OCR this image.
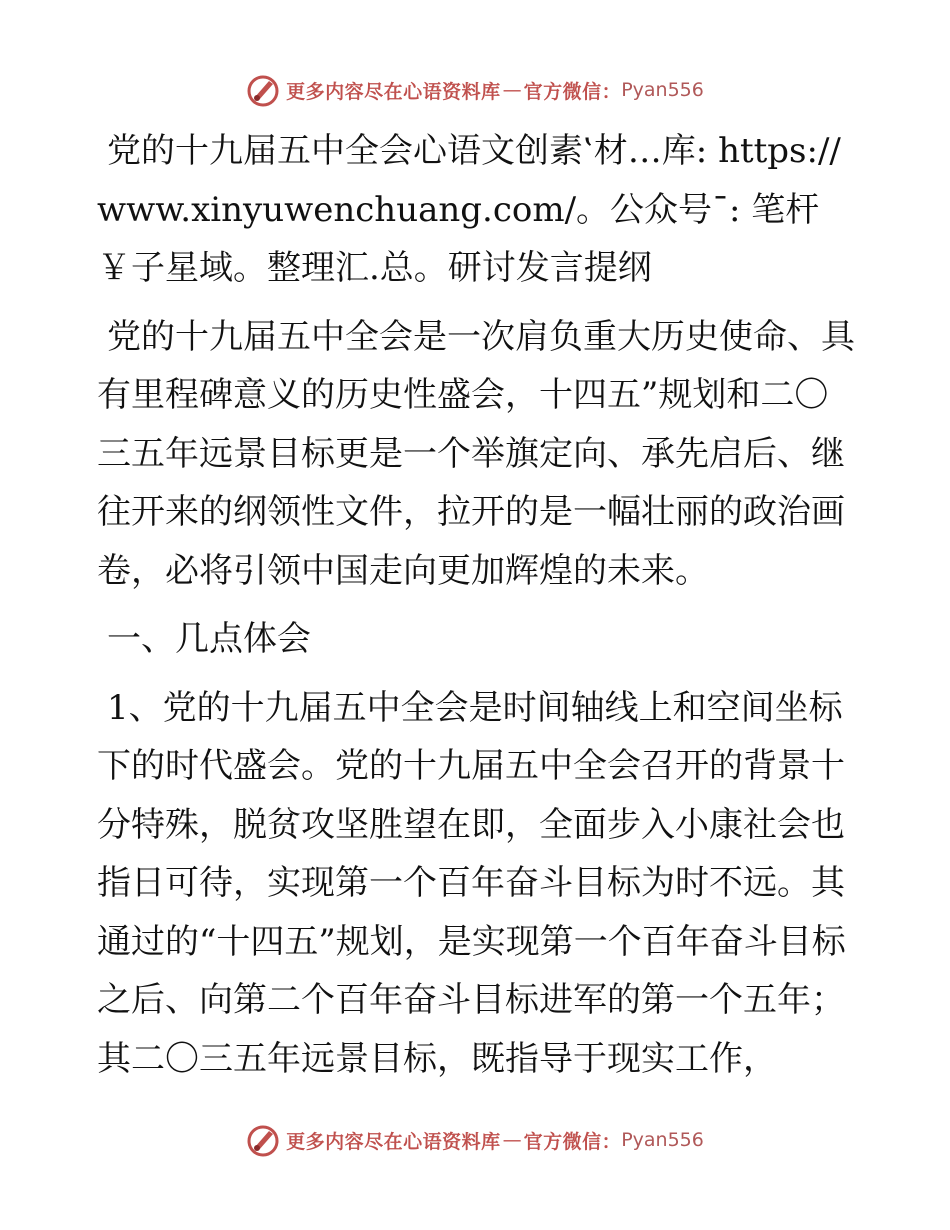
更多内容尽在心语资料库 — 官方微信： Pyan556

党的十九届五中全会心语文创素‛材…库: https://www.xinyuwenchuang.com/。公众号¯: 笔杆￥子星域。整理汇.总。研讨发言提纲

党的十九届五中全会是一次肩负重大历史使命、具有里程碑意义的历史性盛会，十四五”规划和二〇三五年远景目标更是一个举旗定向、承先启后、继往开来的纲领性文件，拉开的是一幅壮丽的政治画卷，必将引领中国走向更加辉煌的未来。

一、几点体会

1、党的十九届五中全会是时间轴线上和空间坐标下的时代盛会。党的十九届五中全会召开的背景十分特殊，脱贫攻坚胜望在即，全面步入小康社会也指日可待，实现第一个百年奋斗目标为时不远。其通过的“十四五”规划，是实现第一个百年奋斗目标之后、向第二个百年奋斗目标进军的第一个五年；其二〇三五年远景目标，既指导于现实工作，

更多内容尽在心语资料库 — 官方微信： Pyan556
